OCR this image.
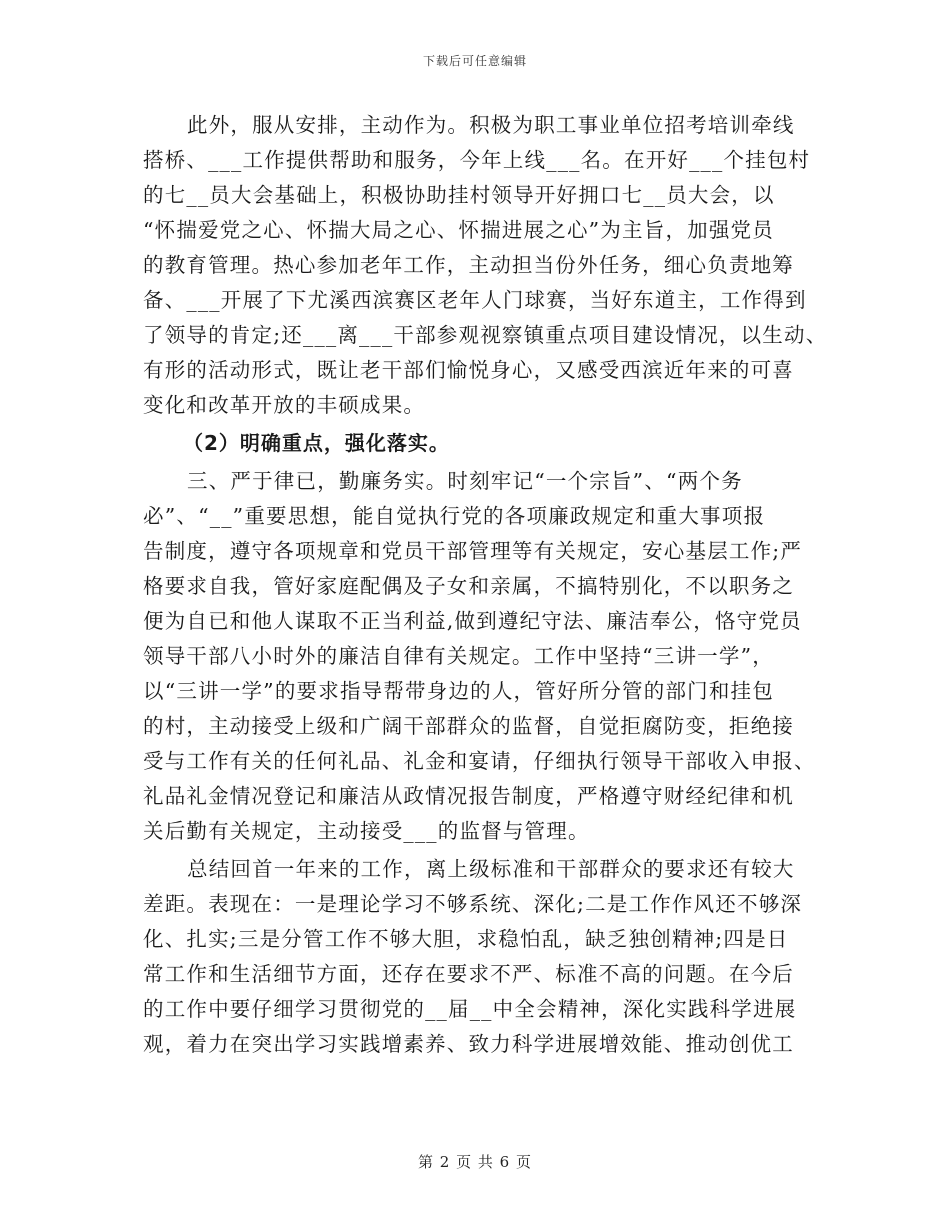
下载后可任意编辑
此外，服从安排，主动作为。积极为职工事业单位招考培训牵线
搭桥、___工作提供帮助和服务，今年上线___名。在开好___个挂包村
的七__员大会基础上，积极协助挂村领导开好拥口七__员大会，以
“怀揣爱党之心、怀揣大局之心、怀揣进展之心”为主旨，加强党员
的教育管理。热心参加老年工作，主动担当份外任务，细心负责地筹
备、___开展了下尤溪西滨赛区老年人门球赛，当好东道主，工作得到
了领导的肯定;还___离___干部参观视察镇重点项目建设情况，以生动、
有形的活动形式，既让老干部们愉悦身心，又感受西滨近年来的可喜
变化和改革开放的丰硕成果。
（2）明确重点，强化落实。
三、严于律已，勤廉务实。时刻牢记“一个宗旨”、“两个务
必”、“__”重要思想，能自觉执行党的各项廉政规定和重大事项报
告制度，遵守各项规章和党员干部管理等有关规定，安心基层工作;严
格要求自我，管好家庭配偶及子女和亲属，不搞特别化，不以职务之
便为自已和他人谋取不正当利益,做到遵纪守法、廉洁奉公，恪守党员
领导干部八小时外的廉洁自律有关规定。工作中坚持“三讲一学”，
以“三讲一学”的要求指导帮带身边的人，管好所分管的部门和挂包
的村，主动接受上级和广阔干部群众的监督，自觉拒腐防变，拒绝接
受与工作有关的任何礼品、礼金和宴请，仔细执行领导干部收入申报、
礼品礼金情况登记和廉洁从政情况报告制度，严格遵守财经纪律和机
关后勤有关规定，主动接受___的监督与管理。
总结回首一年来的工作，离上级标准和干部群众的要求还有较大
差距。表现在：一是理论学习不够系统、深化;二是工作作风还不够深
化、扎实;三是分管工作不够大胆，求稳怕乱，缺乏独创精神;四是日
常工作和生活细节方面，还存在要求不严、标准不高的问题。在今后
的工作中要仔细学习贯彻党的__届__中全会精神，深化实践科学进展
观，着力在突出学习实践增素养、致力科学进展增效能、推动创优工
第 2 页 共 6 页
